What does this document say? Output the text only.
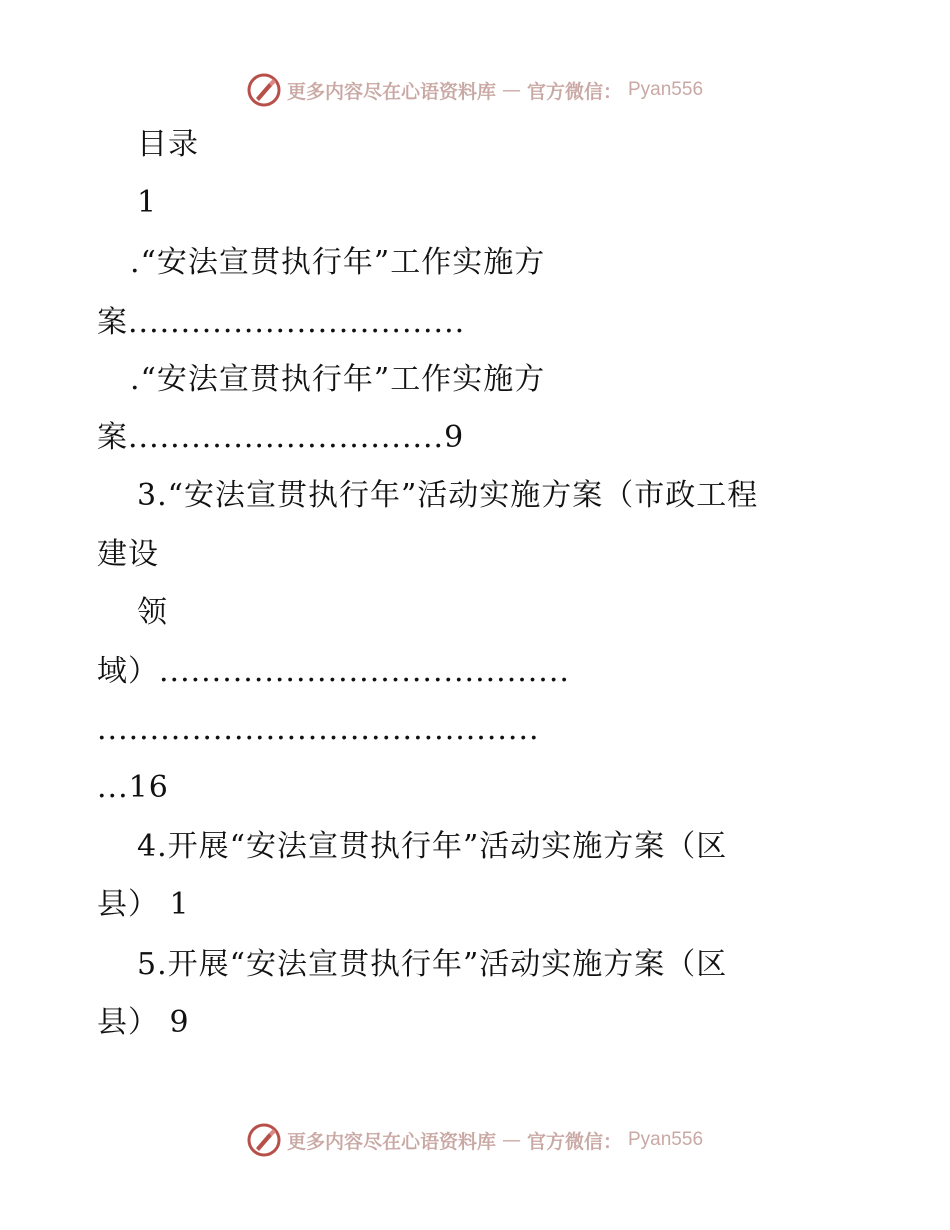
更多内容尽在心语资料库 — 官方微信： Pyan556
目录
1
.“安法宣贯执行年”工作实施方
案................................
.“安法宣贯执行年”工作实施方
案..............................9
3.“安法宣贯执行年”活动实施方案（市政工程
建设
领
域）.......................................
..........................................
...16
4.开展“安法宣贯执行年”活动实施方案（区
县） 1
5.开展“安法宣贯执行年”活动实施方案（区
县） 9
更多内容尽在心语资料库 — 官方微信： Pyan556
